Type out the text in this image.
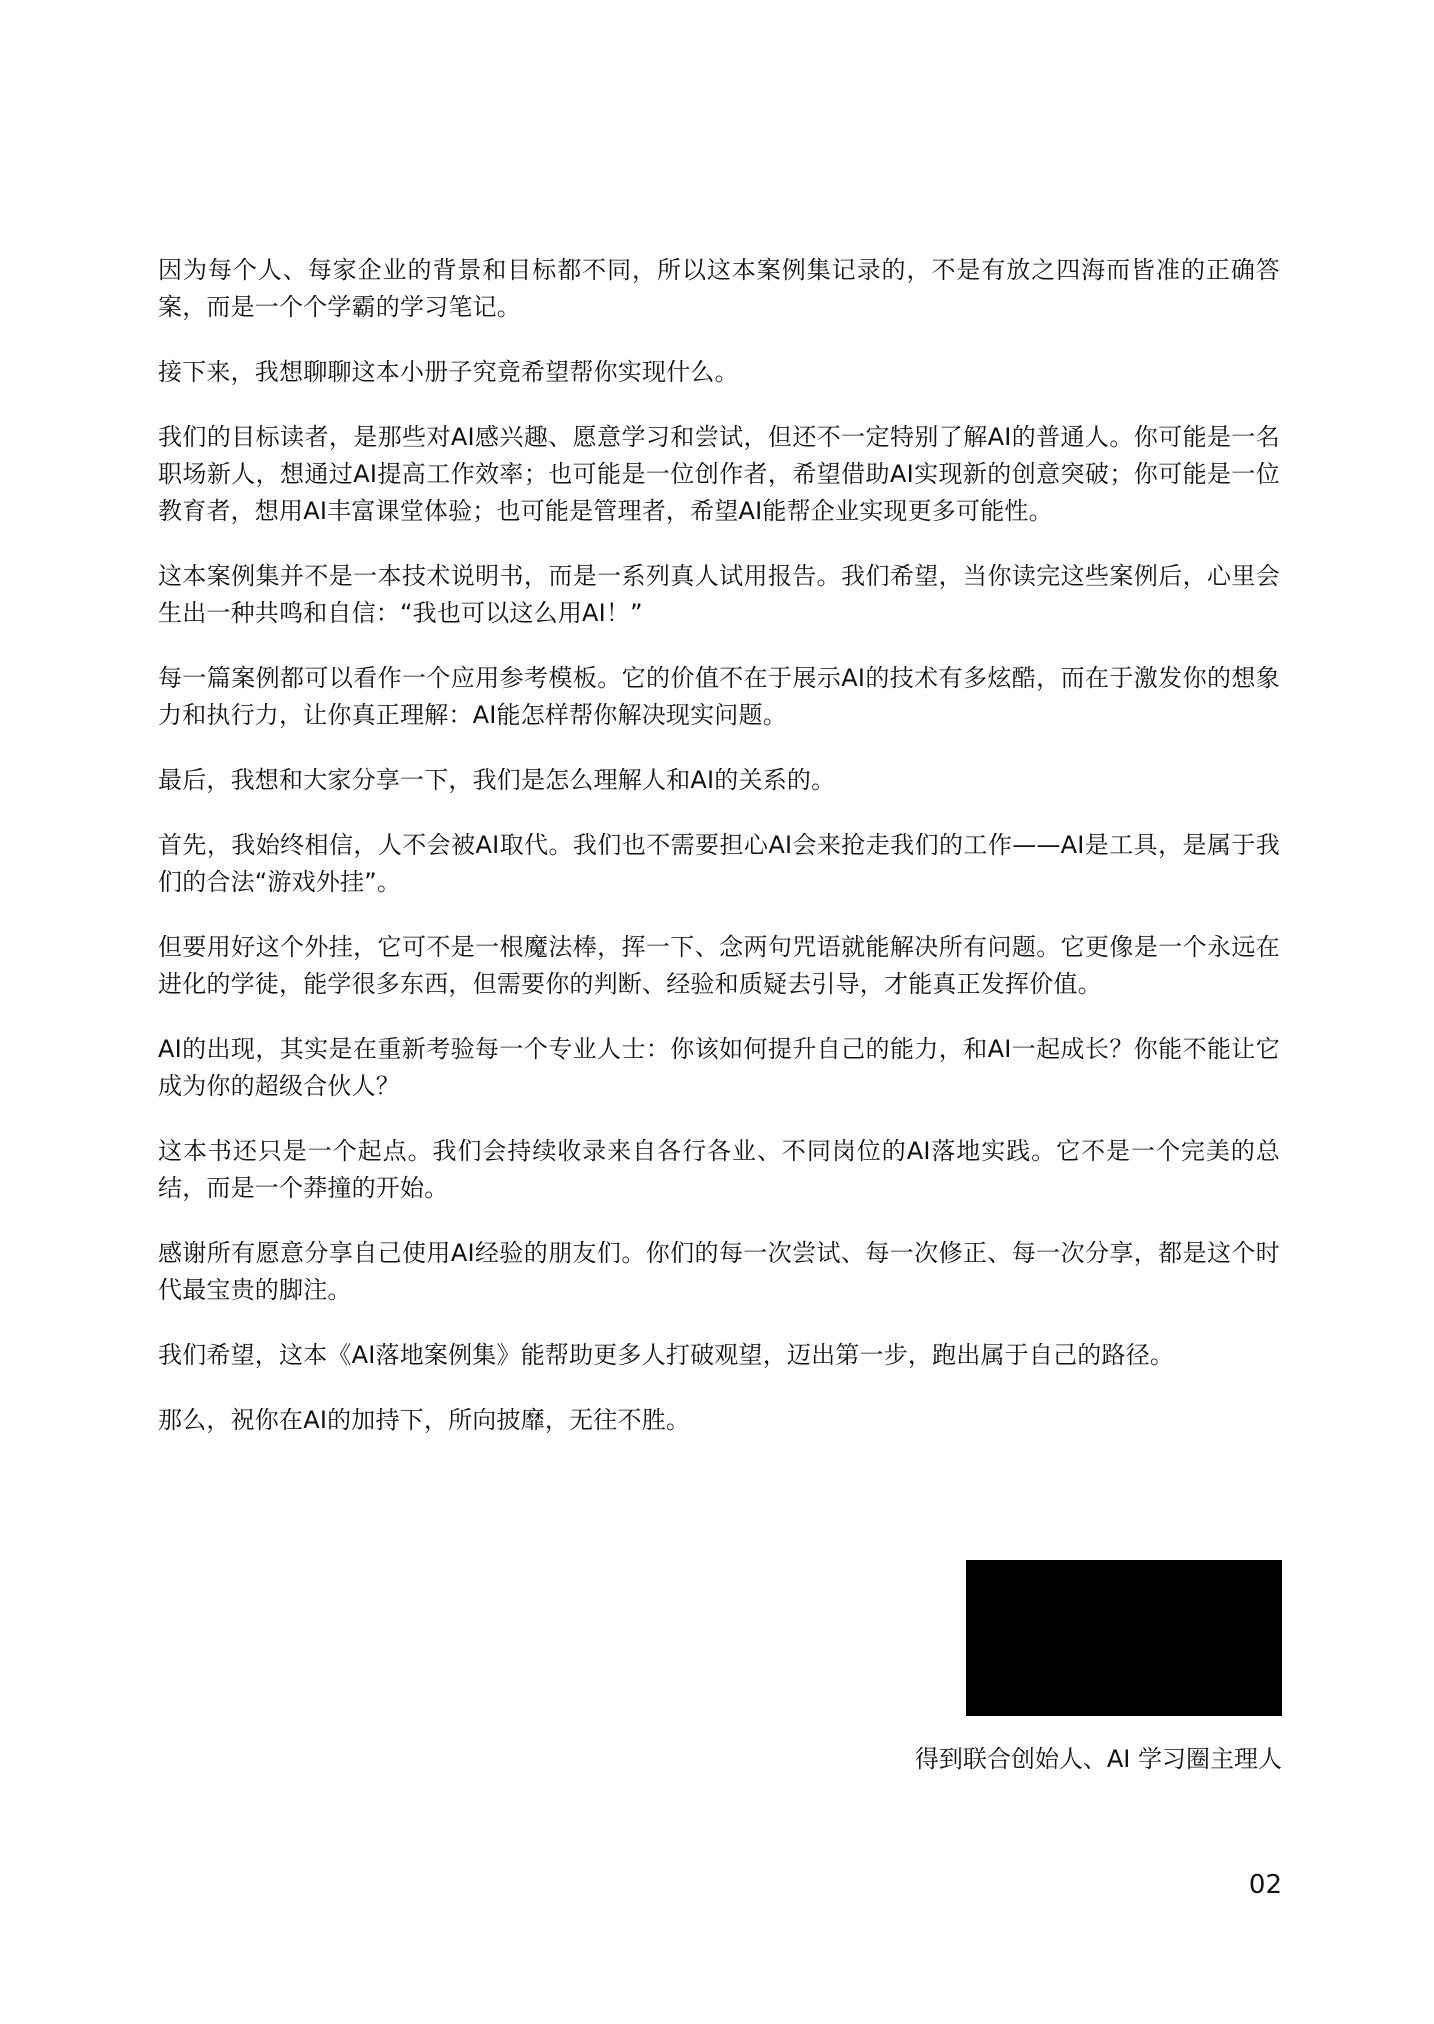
因为每个人、每家企业的背景和目标都不同，所以这本案例集记录的，不是有放之四海而皆准的正确答案，而是一个个学霸的学习笔记。

接下来，我想聊聊这本小册子究竟希望帮你实现什么。

我们的目标读者，是那些对AI感兴趣、愿意学习和尝试，但还不一定特别了解AI的普通人。你可能是一名职场新人，想通过AI提高工作效率；也可能是一位创作者，希望借助AI实现新的创意突破；你可能是一位教育者，想用AI丰富课堂体验；也可能是管理者，希望AI能帮企业实现更多可能性。

这本案例集并不是一本技术说明书，而是一系列真人试用报告。我们希望，当你读完这些案例后，心里会生出一种共鸣和自信：“我也可以这么用AI！”

每一篇案例都可以看作一个应用参考模板。它的价值不在于展示AI的技术有多炫酷，而在于激发你的想象力和执行力，让你真正理解：AI能怎样帮你解决现实问题。

最后，我想和大家分享一下，我们是怎么理解人和AI的关系的。

首先，我始终相信，人不会被AI取代。我们也不需要担心AI会来抢走我们的工作——AI是工具，是属于我们的合法“游戏外挂”。

但要用好这个外挂，它可不是一根魔法棒，挥一下、念两句咒语就能解决所有问题。它更像是一个永远在进化的学徒，能学很多东西，但需要你的判断、经验和质疑去引导，才能真正发挥价值。

AI的出现，其实是在重新考验每一个专业人士：你该如何提升自己的能力，和AI一起成长？你能不能让它成为你的超级合伙人？

这本书还只是一个起点。我们会持续收录来自各行各业、不同岗位的AI落地实践。它不是一个完美的总结，而是一个莽撞的开始。

感谢所有愿意分享自己使用AI经验的朋友们。你们的每一次尝试、每一次修正、每一次分享，都是这个时代最宝贵的脚注。

我们希望，这本《AI落地案例集》能帮助更多人打破观望，迈出第一步，跑出属于自己的路径。

那么，祝你在AI的加持下，所向披靡，无往不胜。

得到联合创始人、AI 学习圈主理人
02
